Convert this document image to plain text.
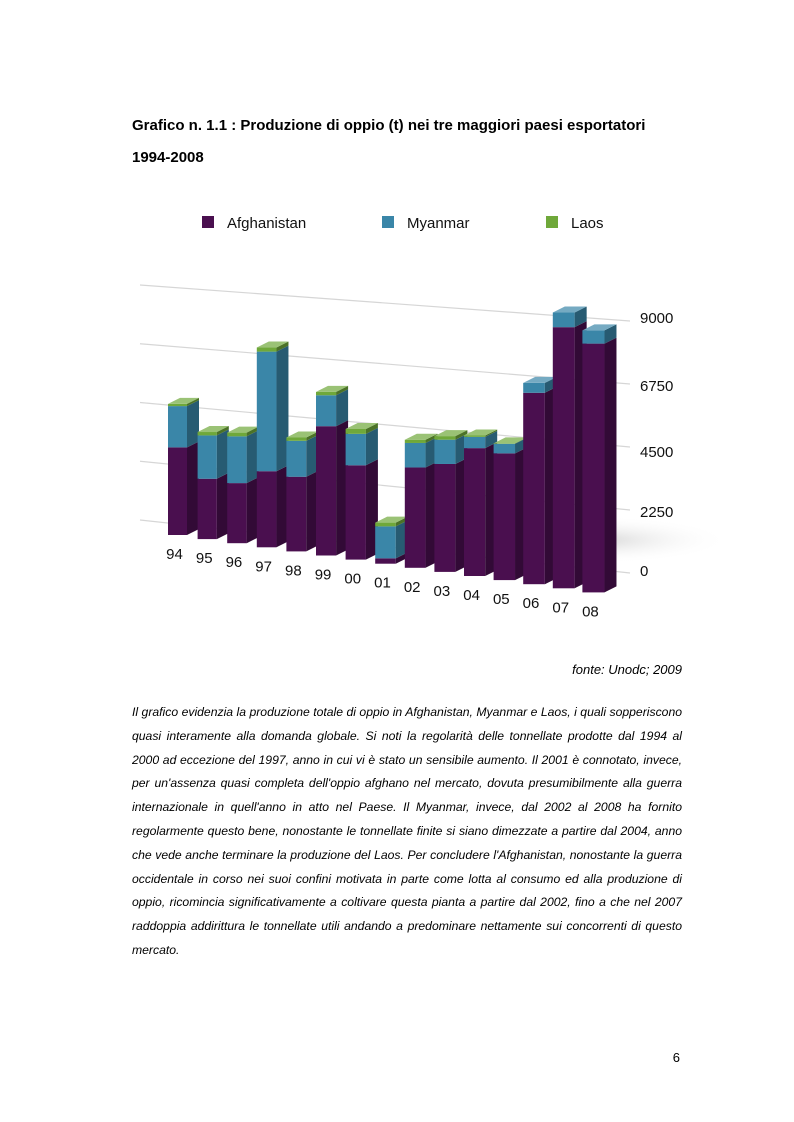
Grafico n. 1.1 : Produzione di oppio (t) nei tre maggiori paesi esportatori
1994-2008
Afghanistan	Myanmar	Laos
9000
6750
4500
2250
0
94 95 96 97 98 99 00 01 02 03 04 05 06 07 08
fonte: Unodc; 2009

Il grafico evidenzia la produzione totale di oppio in Afghanistan, Myanmar e Laos, i quali sopperiscono quasi interamente alla domanda globale. Si noti la regolarità delle tonnellate prodotte dal 1994 al 2000 ad eccezione del 1997, anno in cui vi è stato un sensibile aumento. Il 2001 è connotato, invece, per un'assenza quasi completa dell'oppio afghano nel mercato, dovuta presumibilmente alla guerra internazionale in quell'anno in atto nel Paese. Il Myanmar, invece, dal 2002 al 2008 ha fornito regolarmente questo bene, nonostante le tonnellate finite si siano dimezzate a partire dal 2004, anno che vede anche terminare la produzione del Laos. Per concludere l'Afghanistan, nonostante la guerra occidentale in corso nei suoi confini motivata in parte come lotta al consumo ed alla produzione di oppio, ricomincia significativamente a coltivare questa pianta a partire dal 2002, fino a che nel 2007 raddoppia addirittura le tonnellate utili andando a predominare nettamente sui concorrenti di questo mercato.

6
